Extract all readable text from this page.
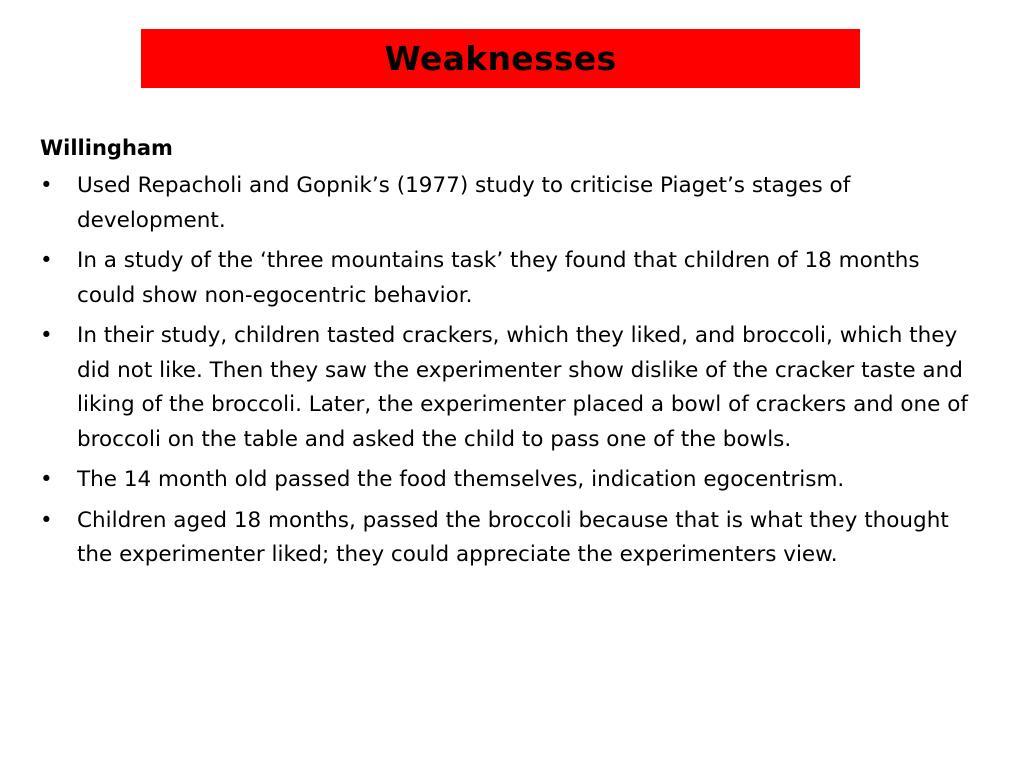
Weaknesses

Willingham

•	Used Repacholi and Gopnik’s (1977) study to criticise Piaget’s stages of development.
•	In a study of the ‘three mountains task’ they found that children of 18 months could show non-egocentric behavior.
•	In their study, children tasted crackers, which they liked, and broccoli, which they did not like. Then they saw the experimenter show dislike of the cracker taste and liking of the broccoli. Later, the experimenter placed a bowl of crackers and one of broccoli on the table and asked the child to pass one of the bowls.
•	The 14 month old passed the food themselves, indication egocentrism.
•	Children aged 18 months, passed the broccoli because that is what they thought the experimenter liked; they could appreciate the experimenters view.
